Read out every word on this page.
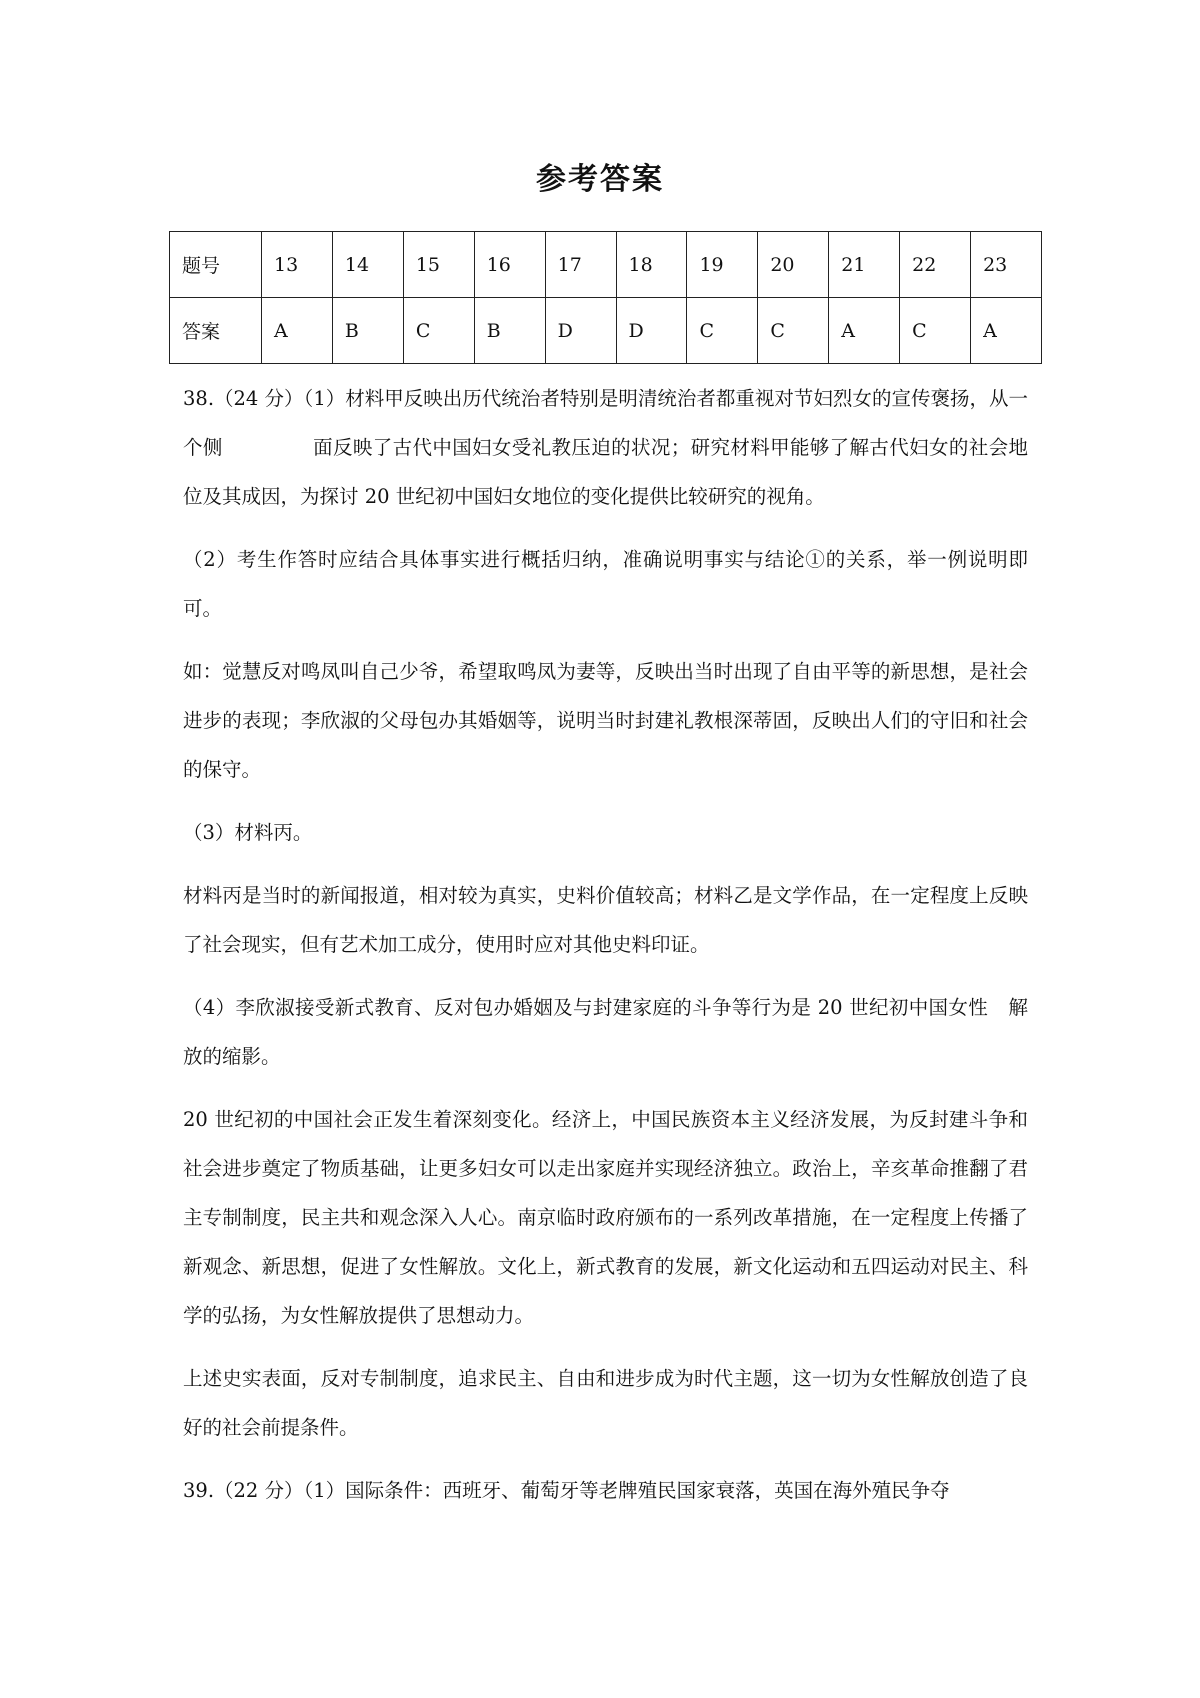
参考答案
题号	13	14	15	16	17	18	19	20	21	22	23
答案	A	B	C	B	D	D	C	C	A	C	A

38.（24 分）（1）材料甲反映出历代统治者特别是明清统治者都重视对节妇烈女的宣传褒扬，从一个侧	面反映了古代中国妇女受礼教压迫的状况；研究材料甲能够了解古代妇女的社会地位及其成因，为探讨 20 世纪初中国妇女地位的变化提供比较研究的视角。

（2）考生作答时应结合具体事实进行概括归纳，准确说明事实与结论①的关系，举一例说明即可。

如：觉慧反对鸣凤叫自己少爷，希望取鸣凤为妻等，反映出当时出现了自由平等的新思想，是社会进步的表现；李欣淑的父母包办其婚姻等，说明当时封建礼教根深蒂固，反映出人们的守旧和社会的保守。

（3）材料丙。

材料丙是当时的新闻报道，相对较为真实，史料价值较高；材料乙是文学作品，在一定程度上反映了社会现实，但有艺术加工成分，使用时应对其他史料印证。

（4）李欣淑接受新式教育、反对包办婚姻及与封建家庭的斗争等行为是 20 世纪初中国女性 解放的缩影。

20 世纪初的中国社会正发生着深刻变化。经济上，中国民族资本主义经济发展，为反封建斗争和社会进步奠定了物质基础，让更多妇女可以走出家庭并实现经济独立。政治上，辛亥革命推翻了君主专制制度，民主共和观念深入人心。南京临时政府颁布的一系列改革措施，在一定程度上传播了新观念、新思想，促进了女性解放。文化上，新式教育的发展，新文化运动和五四运动对民主、科学的弘扬，为女性解放提供了思想动力。

上述史实表面，反对专制制度，追求民主、自由和进步成为时代主题，这一切为女性解放创造了良好的社会前提条件。

39.（22 分）（1）国际条件：西班牙、葡萄牙等老牌殖民国家衰落，英国在海外殖民争夺
